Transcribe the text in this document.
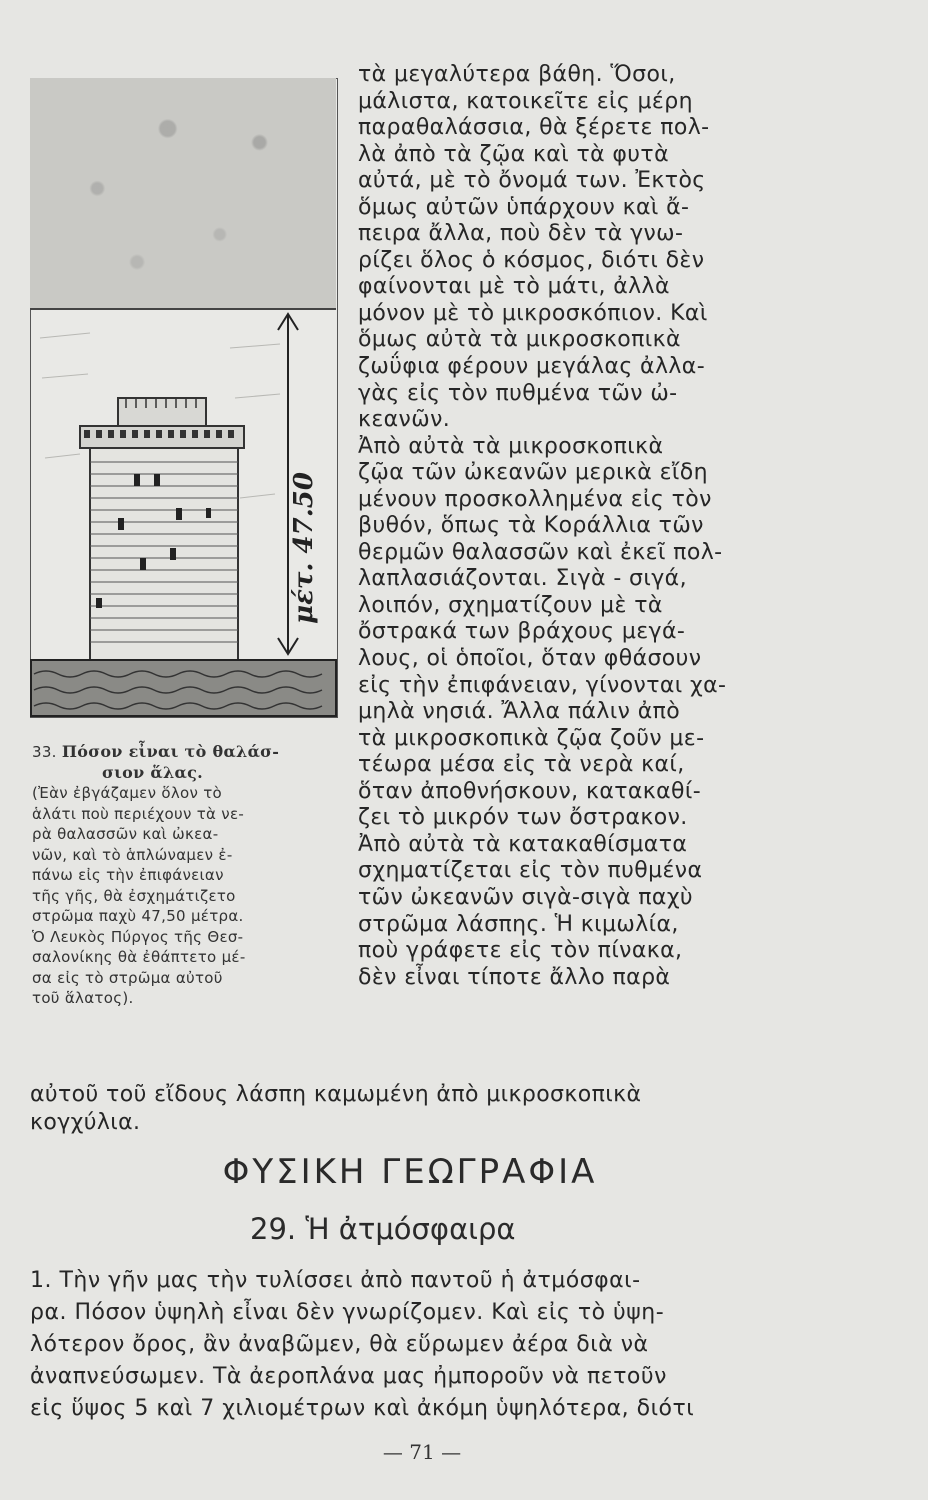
μέτ. 47.50
τὰ μεγαλύτερα βάθη. Ὅσοι,
μάλιστα, κατοικεῖτε εἰς μέρη
παραθαλάσσια, θὰ ξέρετε πολ-
λὰ ἀπὸ τὰ ζῷα καὶ τὰ φυτὰ
αὐτά, μὲ τὸ ὄνομά των. Ἐκτὸς
ὅμως αὐτῶν ὑπάρχουν καὶ ἄ-
πειρα ἄλλα, ποὺ δὲν τὰ γνω-
ρίζει ὅλος ὁ κόσμος, διότι δὲν
φαίνονται μὲ τὸ μάτι, ἀλλὰ
μόνον μὲ τὸ μικροσκόπιον. Καὶ
ὅμως αὐτὰ τὰ μικροσκοπικὰ
ζωΰφια φέρουν μεγάλας ἀλλα-
γὰς εἰς τὸν πυθμένα τῶν ὠ-
κεανῶν.
Ἀπὸ αὐτὰ τὰ μικροσκοπικὰ
ζῷα τῶν ὠκεανῶν μερικὰ εἴδη
μένουν προσκολλημένα εἰς τὸν
βυθόν, ὅπως τὰ Κοράλλια τῶν
θερμῶν θαλασσῶν καὶ ἐκεῖ πολ-
λαπλασιάζονται. Σιγὰ - σιγά,
λοιπόν, σχηματίζουν μὲ τὰ
ὄστρακά των βράχους μεγά-
λους, οἱ ὁποῖοι, ὅταν φθάσουν
εἰς τὴν ἐπιφάνειαν, γίνονται χα-
μηλὰ νησιά. Ἄλλα πάλιν ἀπὸ
τὰ μικροσκοπικὰ ζῷα ζοῦν με-
τέωρα μέσα εἰς τὰ νερὰ καί,
ὅταν ἀποθνήσκουν, κατακαθί-
ζει τὸ μικρόν των ὄστρακον.
Ἀπὸ αὐτὰ τὰ κατακαθίσματα
σχηματίζεται εἰς τὸν πυθμένα
τῶν ὠκεανῶν σιγὰ-σιγὰ παχὺ
στρῶμα λάσπης. Ἡ κιμωλία,
ποὺ γράφετε εἰς τὸν πίνακα,
δὲν εἶναι τίποτε ἄλλο παρὰ
33. Πόσον εἶναι τὸ θαλάσ-
σιον ἅλας.
(Ἐὰν ἐβγάζαμεν ὅλον τὸ
ἁλάτι ποὺ περιέχουν τὰ νε-
ρὰ θαλασσῶν καὶ ὠκεα-
νῶν, καὶ τὸ ἁπλώναμεν ἐ-
πάνω εἰς τὴν ἐπιφάνειαν
τῆς γῆς, θὰ ἐσχημάτιζετο
στρῶμα παχὺ 47,50 μέτρα.
Ὁ Λευκὸς Πύργος τῆς Θεσ-
σαλονίκης θὰ ἐθάπτετο μέ-
σα εἰς τὸ στρῶμα αὐτοῦ
τοῦ ἅλατος).
αὐτοῦ τοῦ εἴδους λάσπη καμωμένη ἀπὸ μικροσκοπικὰ
κογχύλια.
ΦΥΣΙΚΗ ΓΕΩΓΡΑΦΙΑ
29. Ἡ ἀτμόσφαιρα
1. Τὴν γῆν μας τὴν τυλίσσει ἀπὸ παντοῦ ἡ ἀτμόσφαι-
ρα. Πόσον ὑψηλὴ εἶναι δὲν γνωρίζομεν. Καὶ εἰς τὸ ὑψη-
λότερον ὄρος, ἂν ἀναβῶμεν, θὰ εὕρωμεν ἀέρα διὰ νὰ
ἀναπνεύσωμεν. Τὰ ἀεροπλάνα μας ἠμποροῦν νὰ πετοῦν
εἰς ὕψος 5 καὶ 7 χιλιομέτρων καὶ ἀκόμη ὑψηλότερα, διότι
— 71 —
